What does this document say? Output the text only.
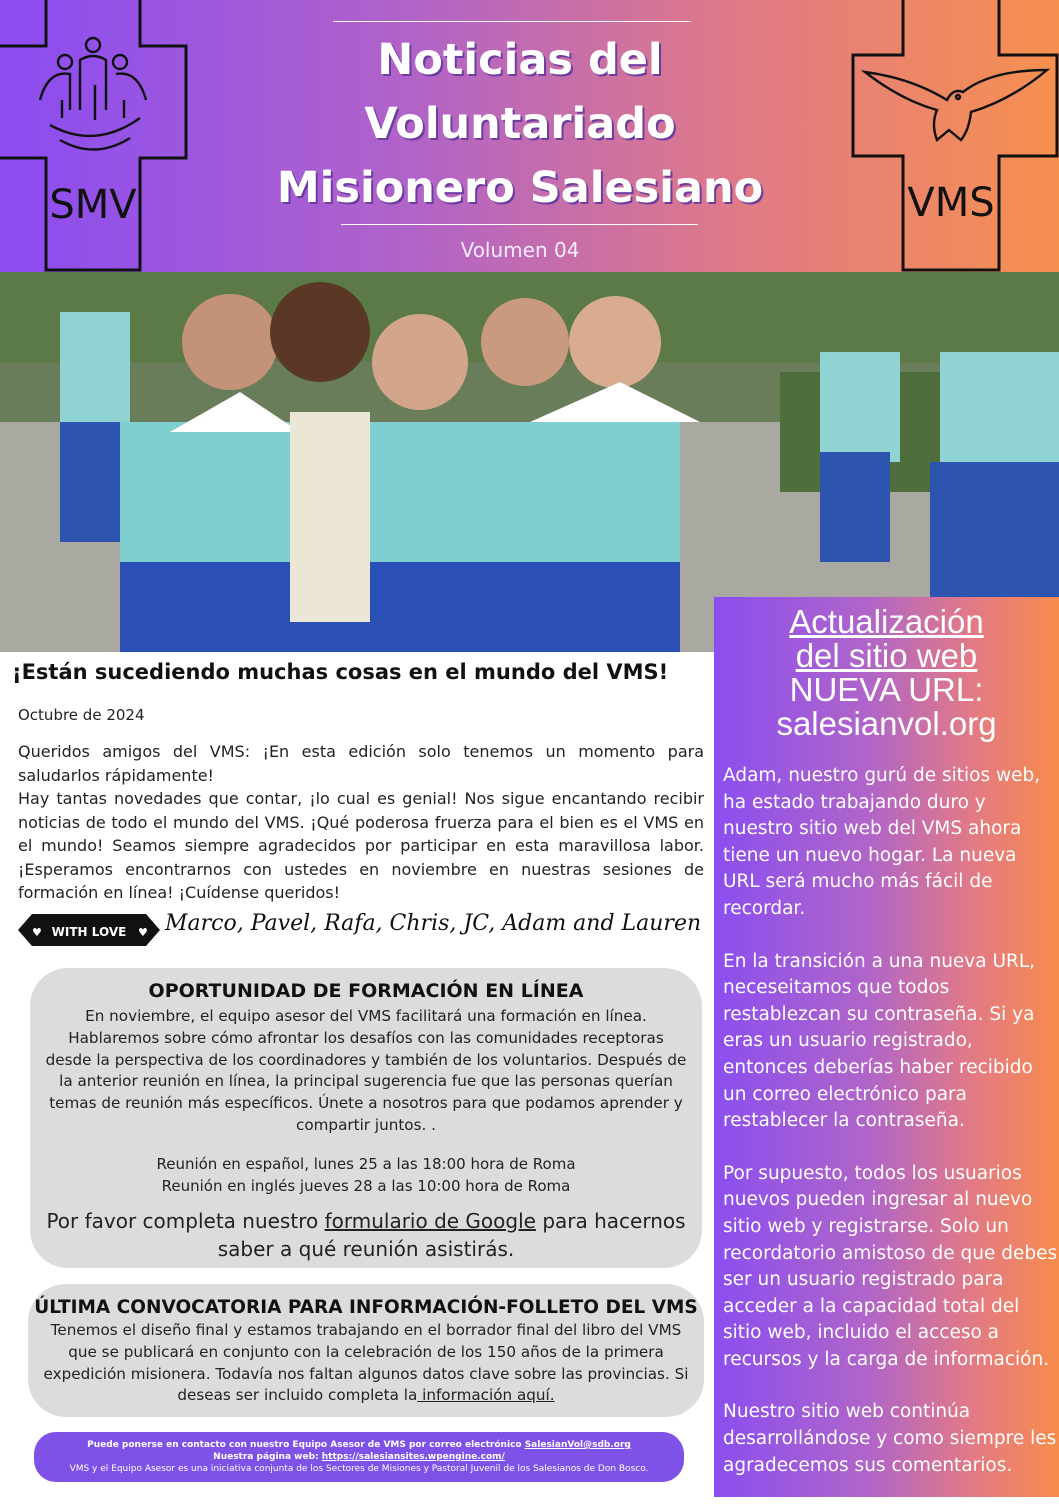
Noticias del
Voluntariado
Misionero Salesiano
Volumen 04
SMV	VMS
¡Están sucediendo muchas cosas en el mundo del VMS!
Octubre de 2024

Queridos amigos del VMS: ¡En esta edición solo tenemos un momento para saludarlos rápidamente!

Hay tantas novedades que contar, ¡lo cual es genial! Nos sigue encantando recibir noticias de todo el mundo del VMS. ¡Qué poderosa fruerza para el bien es el VMS en el mundo! Seamos siempre agradecidos por participar en esta maravillosa labor. ¡Esperamos encontrarnos con ustedes en noviembre en nuestras sesiones de formación en línea! ¡Cuídense queridos!

♥	♥
WITH LOVE Marco, Pavel, Rafa, Chris, JC, Adam and Lauren
OPORTUNIDAD DE FORMACIÓN EN LÍNEA
En noviembre, el equipo asesor del VMS facilitará una formación en línea. Hablaremos sobre cómo afrontar los desafíos con las comunidades receptoras desde la perspectiva de los coordinadores y también de los voluntarios. Después de la anterior reunión en línea, la principal sugerencia fue que las personas querían temas de reunión más específicos. Únete a nosotros para que podamos aprender y compartir juntos. .
Reunión en español, lunes 25 a las 18:00 hora de Roma
Reunión en inglés jueves 28 a las 10:00 hora de Roma
Por favor completa nuestro formulario de Google para hacernos saber a qué reunión asistirás.
ÚLTIMA CONVOCATORIA PARA INFORMACIÓN-FOLLETO DEL VMS
Tenemos el diseño final y estamos trabajando en el borrador final del libro del VMS que se publicará en conjunto con la celebración de los 150 años de la primera expedición misionera. Todavía nos faltan algunos datos clave sobre las provincias. Si deseas ser incluido completa la información aquí.
Puede ponerse en contacto con nuestro Equipo Asesor de VMS por correo electrónico SalesianVol@sdb.org
Nuestra página web: https://salesiansites.wpengine.com/
VMS y el Equipo Asesor es una iniciativa conjunta de los Sectores de Misiones y Pastoral Juvenil de los Salesianos de Don Bosco.
Actualización
del sitio web
NUEVA URL:
salesianvol.org

Adam, nuestro gurú de sitios web, ha estado trabajando duro y nuestro sitio web del VMS ahora tiene un nuevo hogar. La nueva URL será mucho más fácil de recordar.

En la transición a una nueva URL, neceseitamos que todos restablezcan su contraseña. Si ya eras un usuario registrado, entonces deberías haber recibido un correo electrónico para restablecer la contraseña.

Por supuesto, todos los usuarios nuevos pueden ingresar al nuevo sitio web y registrarse. Solo un recordatorio amistoso de que debes ser un usuario registrado para acceder a la capacidad total del sitio web, incluido el acceso a recursos y la carga de información.

Nuestro sitio web continúa desarrollándose y como siempre les agradecemos sus comentarios.
